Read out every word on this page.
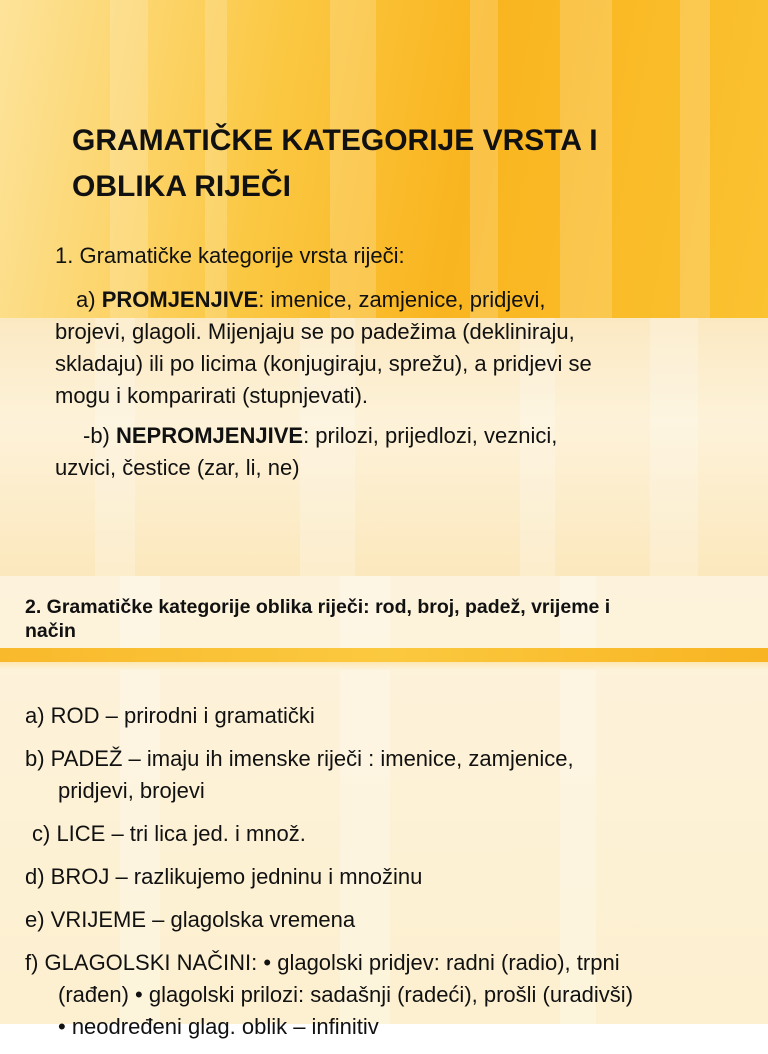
GRAMATIČKE KATEGORIJE VRSTA I
OBLIKA RIJEČI
1. Gramatičke kategorije vrsta riječi:
a) PROMJENJIVE: imenice, zamjenice, pridjevi,
brojevi, glagoli. Mijenjaju se po padežima (dekliniraju,
skladaju) ili po licima (konjugiraju, sprežu), a pridjevi se
mogu i komparirati (stupnjevati).
-b) NEPROMJENJIVE: prilozi, prijedlozi, veznici,
uzvici, čestice (zar, li, ne)
2. Gramatičke kategorije oblika riječi: rod, broj, padež, vrijeme i
način
a) ROD – prirodni i gramatički
b) PADEŽ – imaju ih imenske riječi : imenice, zamjenice,
pridjevi, brojevi
c) LICE – tri lica jed. i množ.
d) BROJ – razlikujemo jedninu i množinu
e) VRIJEME – glagolska vremena
f) GLAGOLSKI NAČINI: • glagolski pridjev: radni (radio), trpni
(rađen) • glagolski prilozi: sadašnji (radeći), prošli (uradivši)
• neodređeni glag. oblik – infinitiv
